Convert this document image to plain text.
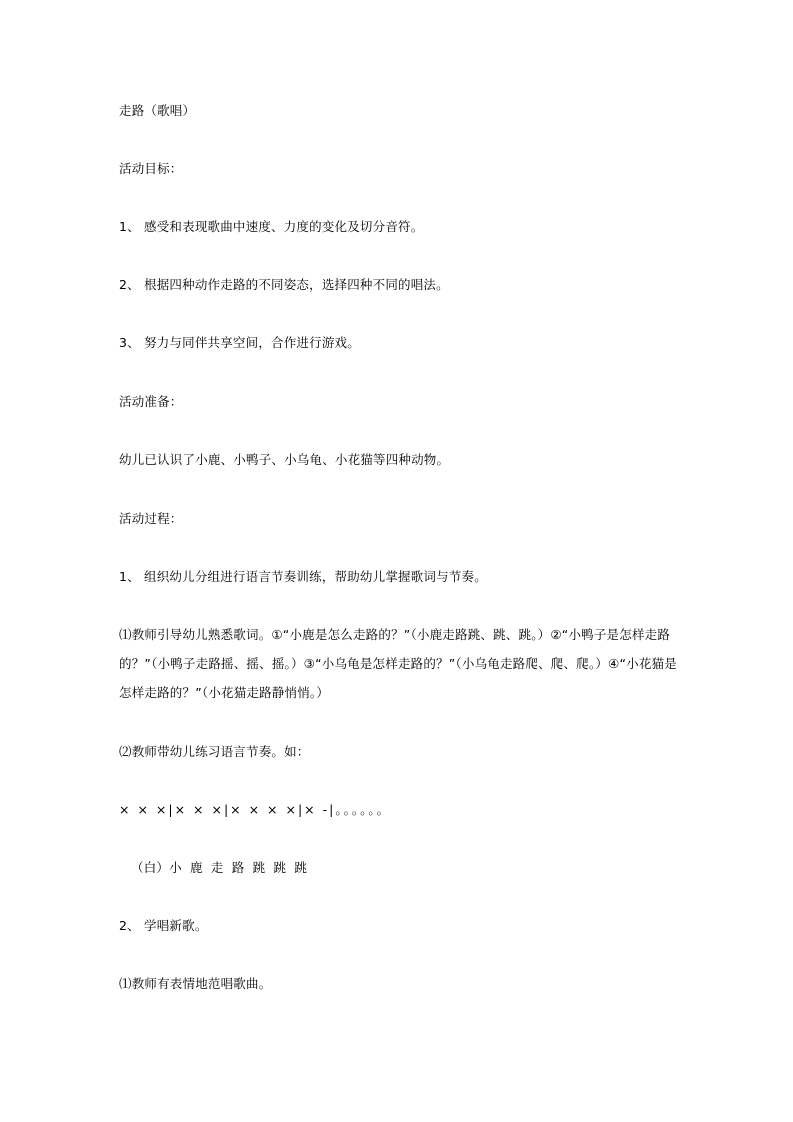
走路（歌唱）
活动目标：
1、 感受和表现歌曲中速度、力度的变化及切分音符。
2、 根据四种动作走路的不同姿态，选择四种不同的唱法。
3、 努力与同伴共享空间，合作进行游戏。
活动准备：
幼儿已认识了小鹿、小鸭子、小乌龟、小花猫等四种动物。
活动过程：
1、 组织幼儿分组进行语言节奏训练，帮助幼儿掌握歌词与节奏。
⑴教师引导幼儿熟悉歌词。①“小鹿是怎么走路的？”（小鹿走路跳、跳、跳。）②“小鸭子是怎样走路的？”（小鸭子走路摇、摇、摇。）③“小乌龟是怎样走路的？”（小乌龟走路爬、爬、爬。）④“小花猫是怎样走路的？”（小花猫走路静悄悄。）
⑵教师带幼儿练习语言节奏。如：
× × ×|× × ×|× × × ×|× -|。。。。。。
（白）小 鹿 走 路 跳 跳 跳
2、 学唱新歌。
⑴教师有表情地范唱歌曲。
